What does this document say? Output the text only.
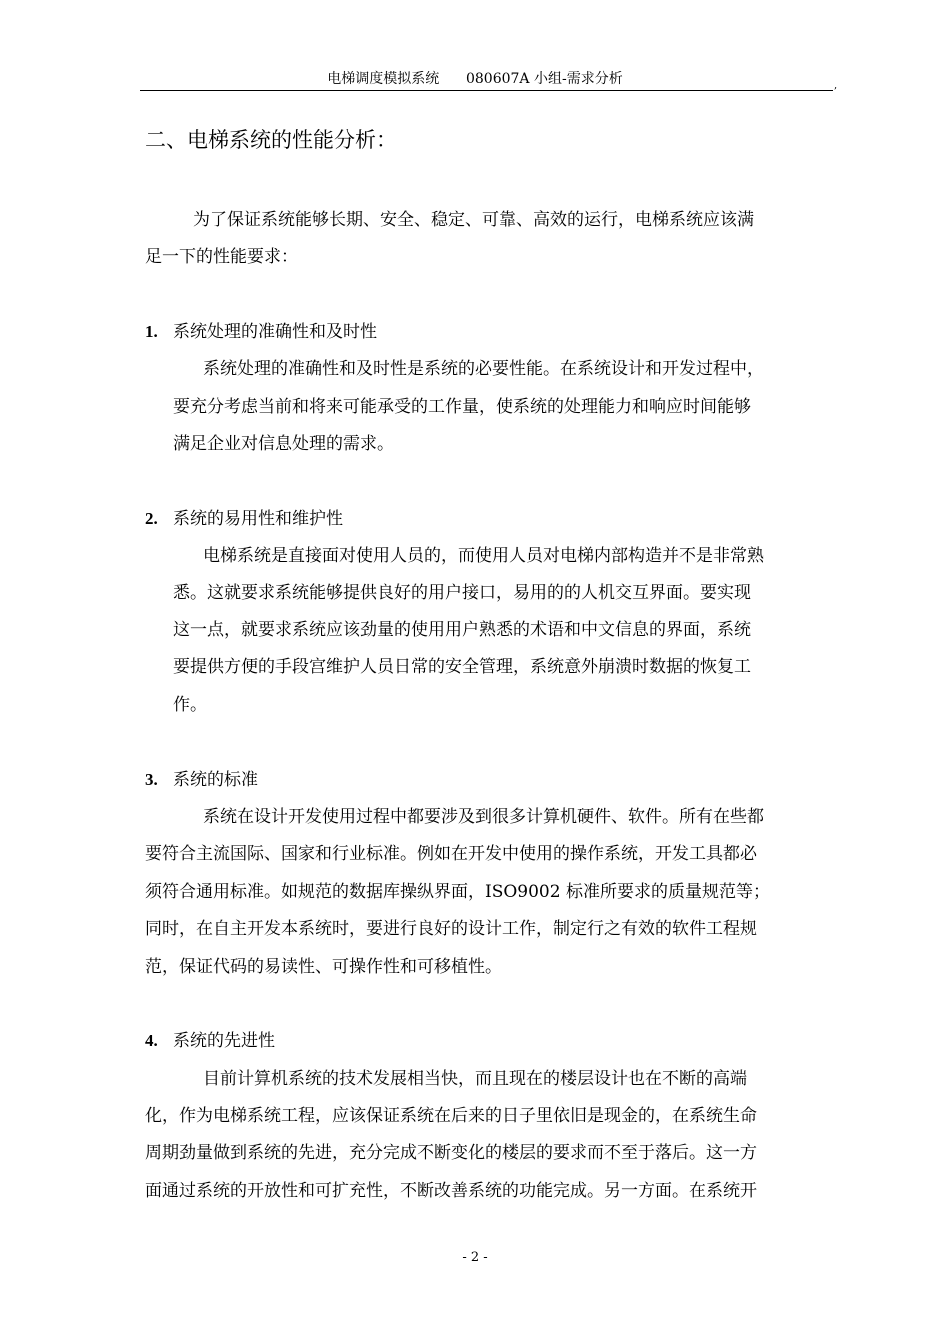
电梯调度模拟系统      080607A 小组-需求分析	,
二、电梯系统的性能分析：
为了保证系统能够长期、安全、稳定、可靠、高效的运行，电梯系统应该满
足一下的性能要求：
1. 系统处理的准确性和及时性
系统处理的准确性和及时性是系统的必要性能。在系统设计和开发过程中，
要充分考虑当前和将来可能承受的工作量，使系统的处理能力和响应时间能够
满足企业对信息处理的需求。
2. 系统的易用性和维护性
电梯系统是直接面对使用人员的，而使用人员对电梯内部构造并不是非常熟
悉。这就要求系统能够提供良好的用户接口，易用的的人机交互界面。要实现
这一点，就要求系统应该劲量的使用用户熟悉的术语和中文信息的界面，系统
要提供方便的手段宫维护人员日常的安全管理，系统意外崩溃时数据的恢复工
作。
3. 系统的标准
系统在设计开发使用过程中都要涉及到很多计算机硬件、软件。所有在些都
要符合主流国际、国家和行业标准。例如在开发中使用的操作系统，开发工具都必
须符合通用标准。如规范的数据库操纵界面，ISO9002 标准所要求的质量规范等；
同时，在自主开发本系统时，要进行良好的设计工作，制定行之有效的软件工程规
范，保证代码的易读性、可操作性和可移植性。
4. 系统的先进性
目前计算机系统的技术发展相当快，而且现在的楼层设计也在不断的高端
化，作为电梯系统工程，应该保证系统在后来的日子里依旧是现金的，在系统生命
周期劲量做到系统的先进，充分完成不断变化的楼层的要求而不至于落后。这一方
面通过系统的开放性和可扩充性，不断改善系统的功能完成。另一方面。在系统开
- 2 -
